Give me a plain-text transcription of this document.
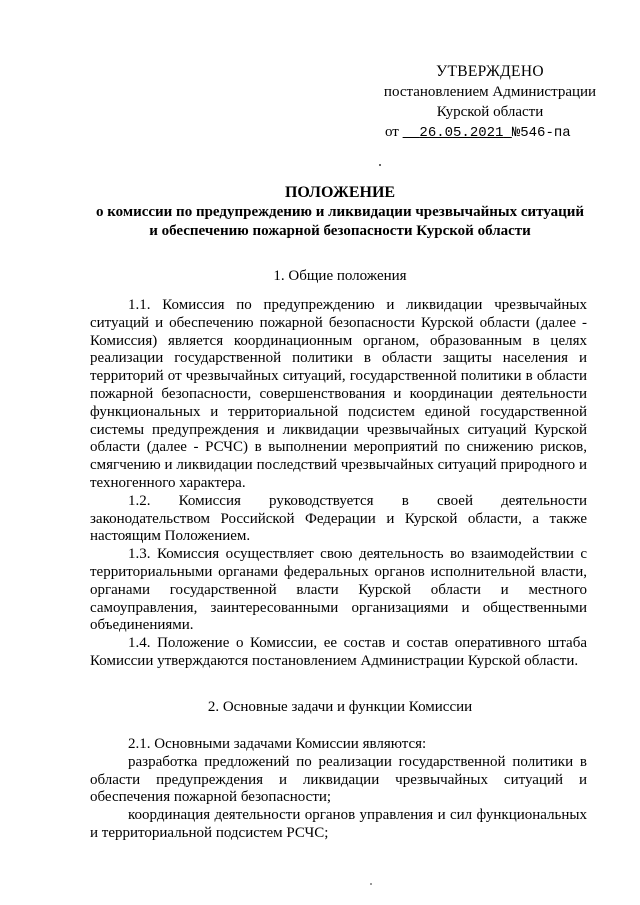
УТВЕРЖДЕНО
постановлением Администрации
Курской области
от 26.05.2021 №546-па
ПОЛОЖЕНИЕ
о комиссии по предупреждению и ликвидации чрезвычайных ситуаций и обеспечению пожарной безопасности Курской области
1. Общие положения

1.1. Комиссия по предупреждению и ликвидации чрезвычайных ситуаций и обеспечению пожарной безопасности Курской области (далее - Комиссия) является координационным органом, образованным в целях реализации государственной политики в области защиты населения и территорий от чрезвычайных ситуаций, государственной политики в области пожарной безопасности, совершенствования и координации деятельности функциональных и территориальной подсистем единой государственной системы предупреждения и ликвидации чрезвычайных ситуаций Курской области (далее - РСЧС) в выполнении мероприятий по снижению рисков, смягчению и ликвидации последствий чрезвычайных ситуаций природного и техногенного характера.

1.2. Комиссия руководствуется в своей деятельности законодательством Российской Федерации и Курской области, а также настоящим Положением.

1.3. Комиссия осуществляет свою деятельность во взаимодействии с территориальными органами федеральных органов исполнительной власти, органами государственной власти Курской области и местного самоуправления, заинтересованными организациями и общественными объединениями.

1.4. Положение о Комиссии, ее состав и состав оперативного штаба Комиссии утверждаются постановлением Администрации Курской области.

2. Основные задачи и функции Комиссии

2.1. Основными задачами Комиссии являются:

разработка предложений по реализации государственной политики в области предупреждения и ликвидации чрезвычайных ситуаций и обеспечения пожарной безопасности;

координация деятельности органов управления и сил функциональных и территориальной подсистем РСЧС;
